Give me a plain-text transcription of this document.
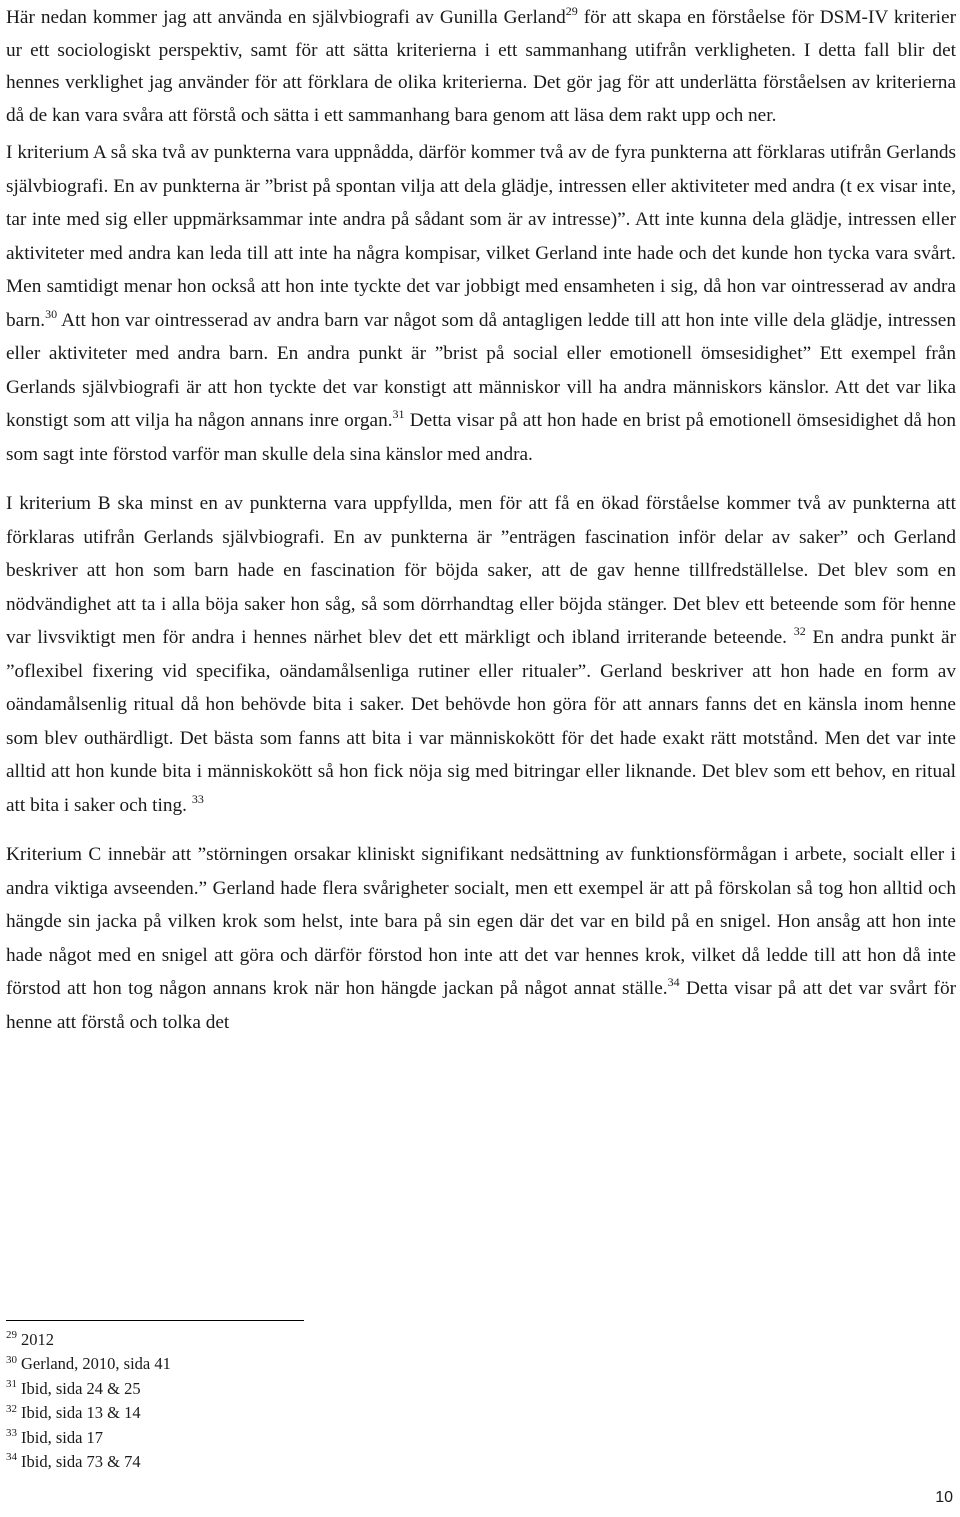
Här nedan kommer jag att använda en självbiografi av Gunilla Gerland$^{29}$ för att skapa en förståelse för DSM-IV kriterier ur ett sociologiskt perspektiv, samt för att sätta kriterierna i ett sammanhang utifrån verkligheten. I detta fall blir det hennes verklighet jag använder för att förklara de olika kriterierna. Det gör jag för att underlätta förståelsen av kriterierna då de kan vara svåra att förstå och sätta i ett sammanhang bara genom att läsa dem rakt upp och ner.

I kriterium A så ska två av punkterna vara uppnådda, därför kommer två av de fyra punkterna att förklaras utifrån Gerlands självbiografi. En av punkterna är ”brist på spontan vilja att dela glädje, intressen eller aktiviteter med andra (t ex visar inte, tar inte med sig eller uppmärksammar inte andra på sådant som är av intresse)”. Att inte kunna dela glädje, intressen eller aktiviteter med andra kan leda till att inte ha några kompisar, vilket Gerland inte hade och det kunde hon tycka vara svårt. Men samtidigt menar hon också att hon inte tyckte det var jobbigt med ensamheten i sig, då hon var ointresserad av andra barn.$^{30}$ Att hon var ointresserad av andra barn var något som då antagligen ledde till att hon inte ville dela glädje, intressen eller aktiviteter med andra barn. En andra punkt är ”brist på social eller emotionell ömsesidighet” Ett exempel från Gerlands självbiografi är att hon tyckte det var konstigt att människor vill ha andra människors känslor. Att det var lika konstigt som att vilja ha någon annans inre organ.$^{31}$ Detta visar på att hon hade en brist på emotionell ömsesidighet då hon som sagt inte förstod varför man skulle dela sina känslor med andra.

I kriterium B ska minst en av punkterna vara uppfyllda, men för att få en ökad förståelse kommer två av punkterna att förklaras utifrån Gerlands självbiografi. En av punkterna är ”enträgen fascination inför delar av saker” och Gerland beskriver att hon som barn hade en fascination för böjda saker, att de gav henne tillfredställelse. Det blev som en nödvändighet att ta i alla böja saker hon såg, så som dörrhandtag eller böjda stänger. Det blev ett beteende som för henne var livsviktigt men för andra i hennes närhet blev det ett märkligt och ibland irriterande beteende. $^{32}$ En andra punkt är ”oflexibel fixering vid specifika, oändamålsenliga rutiner eller ritualer”. Gerland beskriver att hon hade en form av oändamålsenlig ritual då hon behövde bita i saker. Det behövde hon göra för att annars fanns det en känsla inom henne som blev outhärdligt. Det bästa som fanns att bita i var människokött för det hade exakt rätt motstånd. Men det var inte alltid att hon kunde bita i människokött så hon fick nöja sig med bitringar eller liknande. Det blev som ett behov, en ritual att bita i saker och ting. $^{33}$

Kriterium C innebär att ”störningen orsakar kliniskt signifikant nedsättning av funktionsförmågan i arbete, socialt eller i andra viktiga avseenden.” Gerland hade flera svårigheter socialt, men ett exempel är att på förskolan så tog hon alltid och hängde sin jacka på vilken krok som helst, inte bara på sin egen där det var en bild på en snigel. Hon ansåg att hon inte hade något med en snigel att göra och därför förstod hon inte att det var hennes krok, vilket då ledde till att hon då inte förstod att hon tog någon annans krok när hon hängde jackan på något annat ställe.$^{34}$ Detta visar på att det var svårt för henne att förstå och tolka det

$^{29}$ 2012
$^{30}$ Gerland, 2010, sida 41
$^{31}$ Ibid, sida 24 & 25
$^{32}$ Ibid, sida 13 & 14
$^{33}$ Ibid, sida 17
$^{34}$ Ibid, sida 73 & 74
10
